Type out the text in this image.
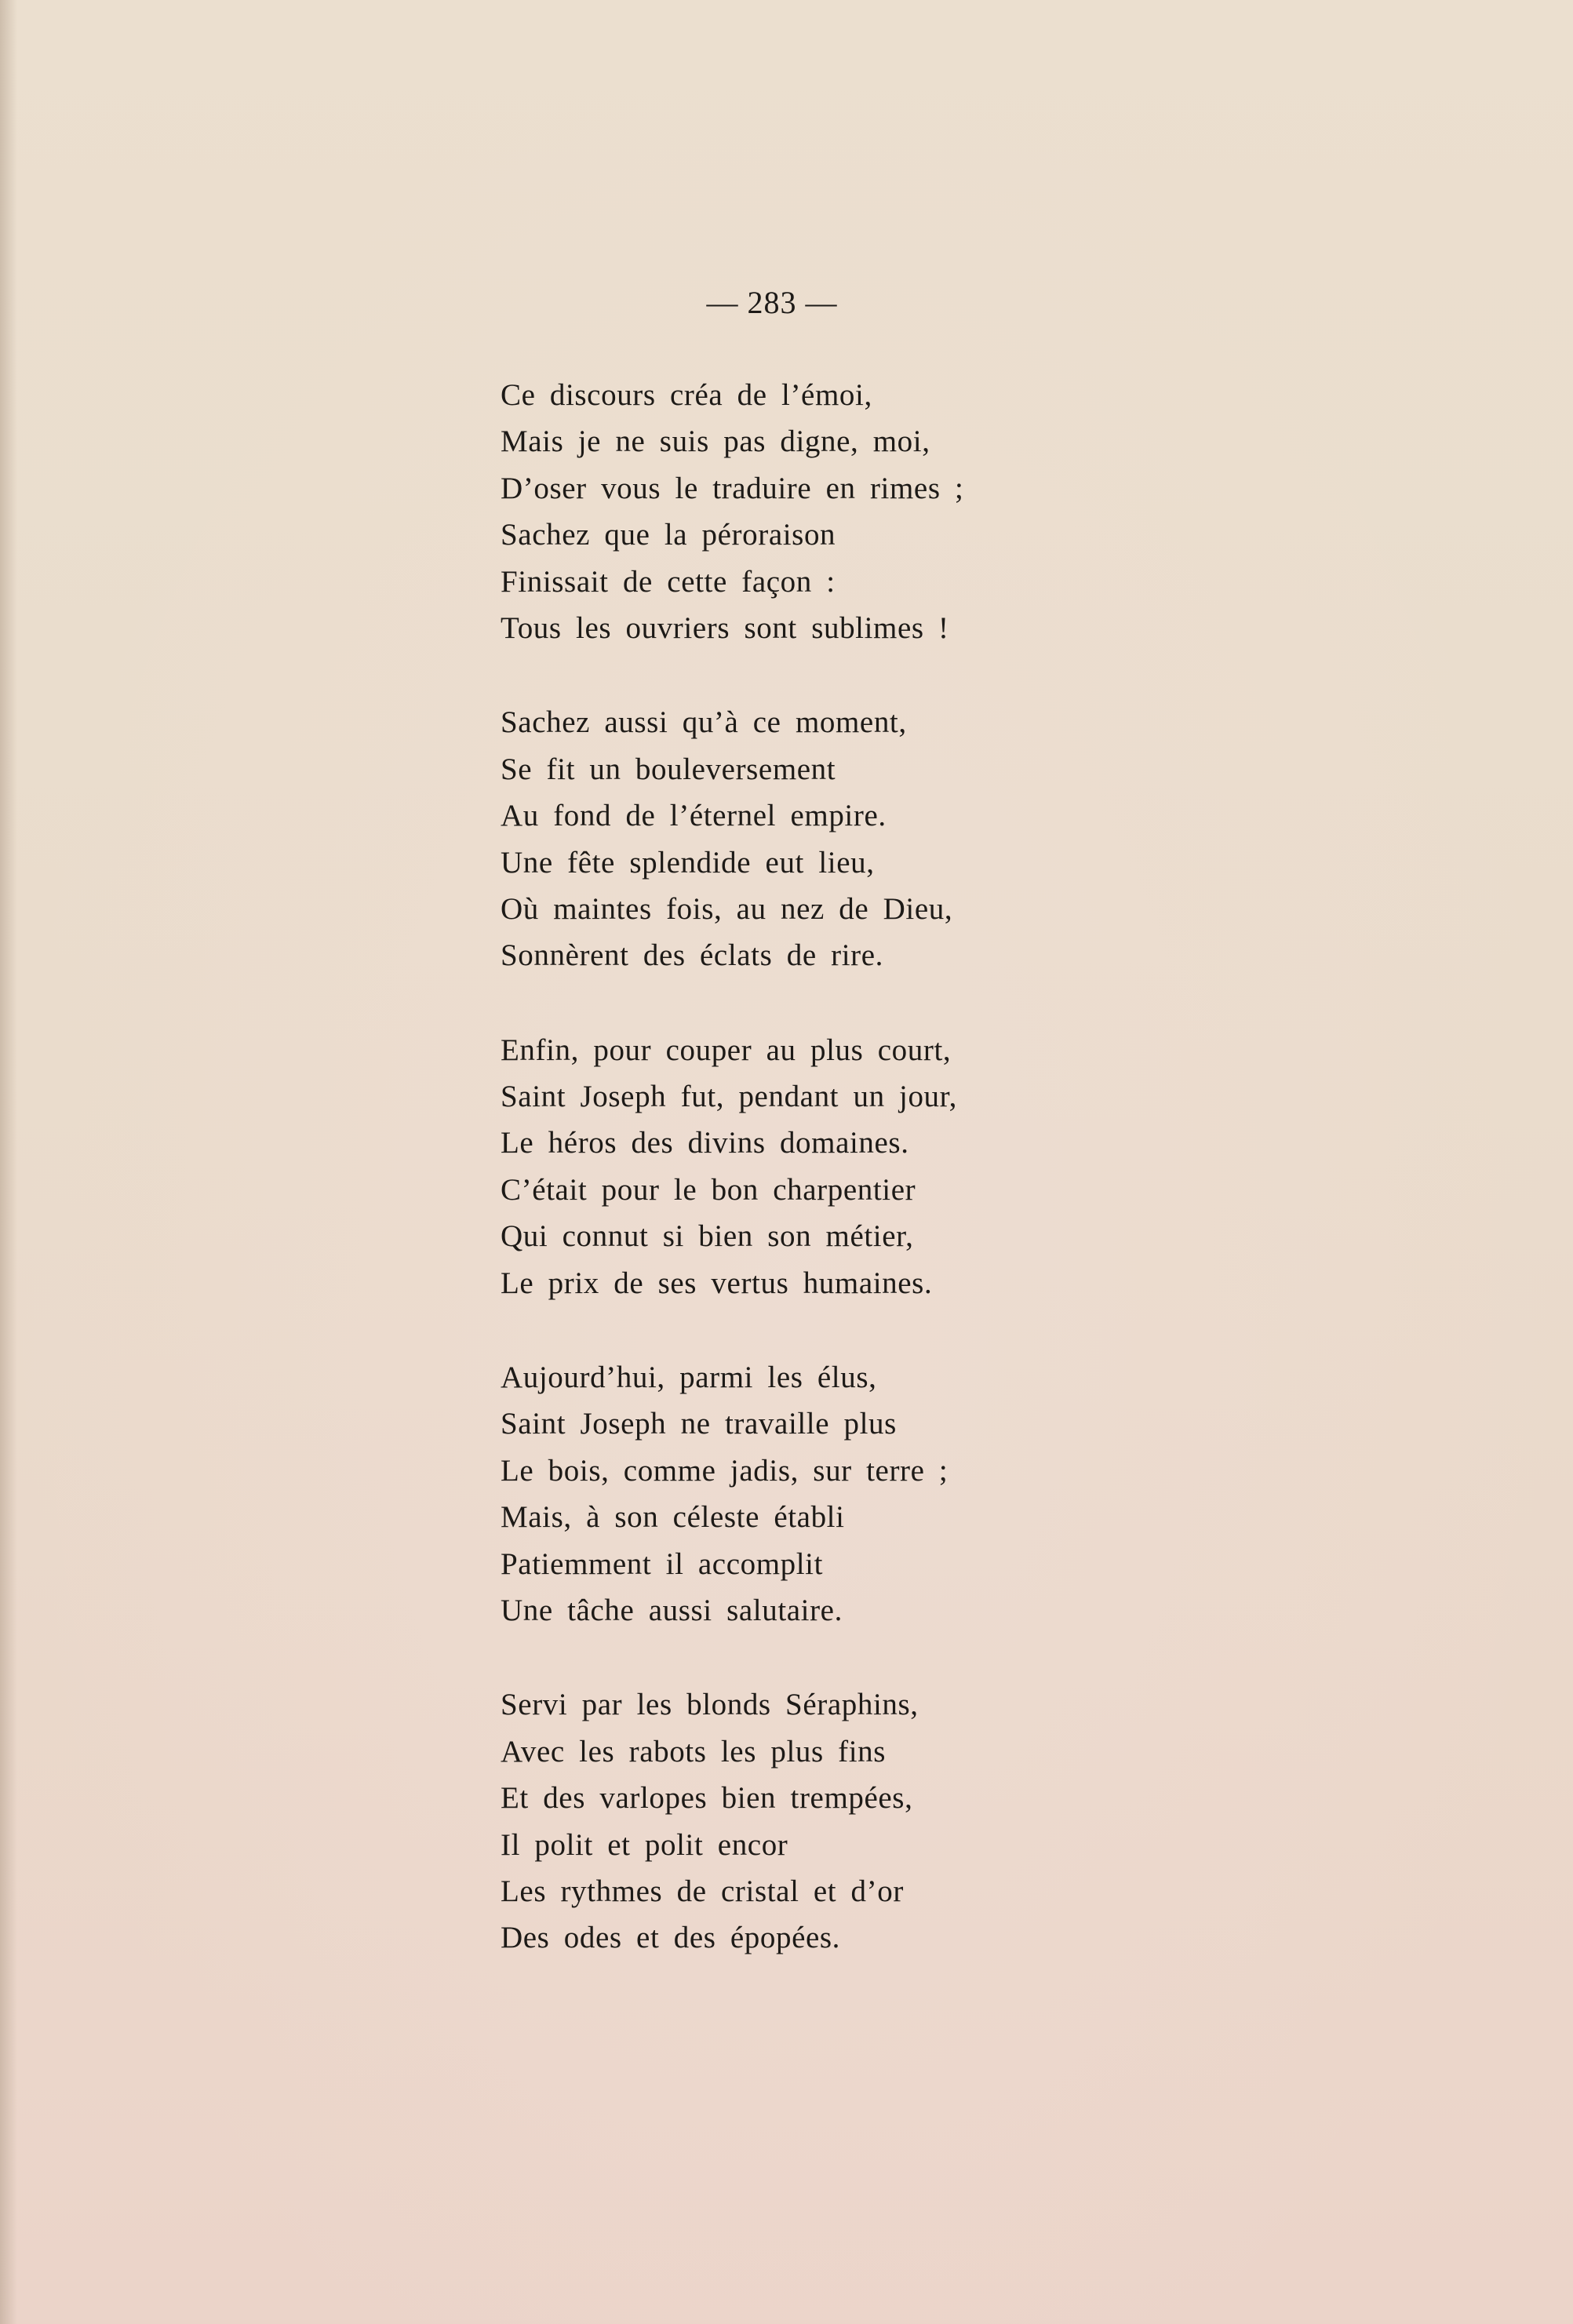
— 283 —
Ce discours créa de l’émoi,
Mais je ne suis pas digne, moi,
D’oser vous le traduire en rimes ;
Sachez que la péroraison
Finissait de cette façon :
Tous les ouvriers sont sublimes !
Sachez aussi qu’à ce moment,
Se fit un bouleversement
Au fond de l’éternel empire.
Une fête splendide eut lieu,
Où maintes fois, au nez de Dieu,
Sonnèrent des éclats de rire.
Enfin, pour couper au plus court,
Saint Joseph fut, pendant un jour,
Le héros des divins domaines.
C’était pour le bon charpentier
Qui connut si bien son métier,
Le prix de ses vertus humaines.
Aujourd’hui, parmi les élus,
Saint Joseph ne travaille plus
Le bois, comme jadis, sur terre ;
Mais, à son céleste établi
Patiemment il accomplit
Une tâche aussi salutaire.
Servi par les blonds Séraphins,
Avec les rabots les plus fins
Et des varlopes bien trempées,
Il polit et polit encor
Les rythmes de cristal et d’or
Des odes et des épopées.
